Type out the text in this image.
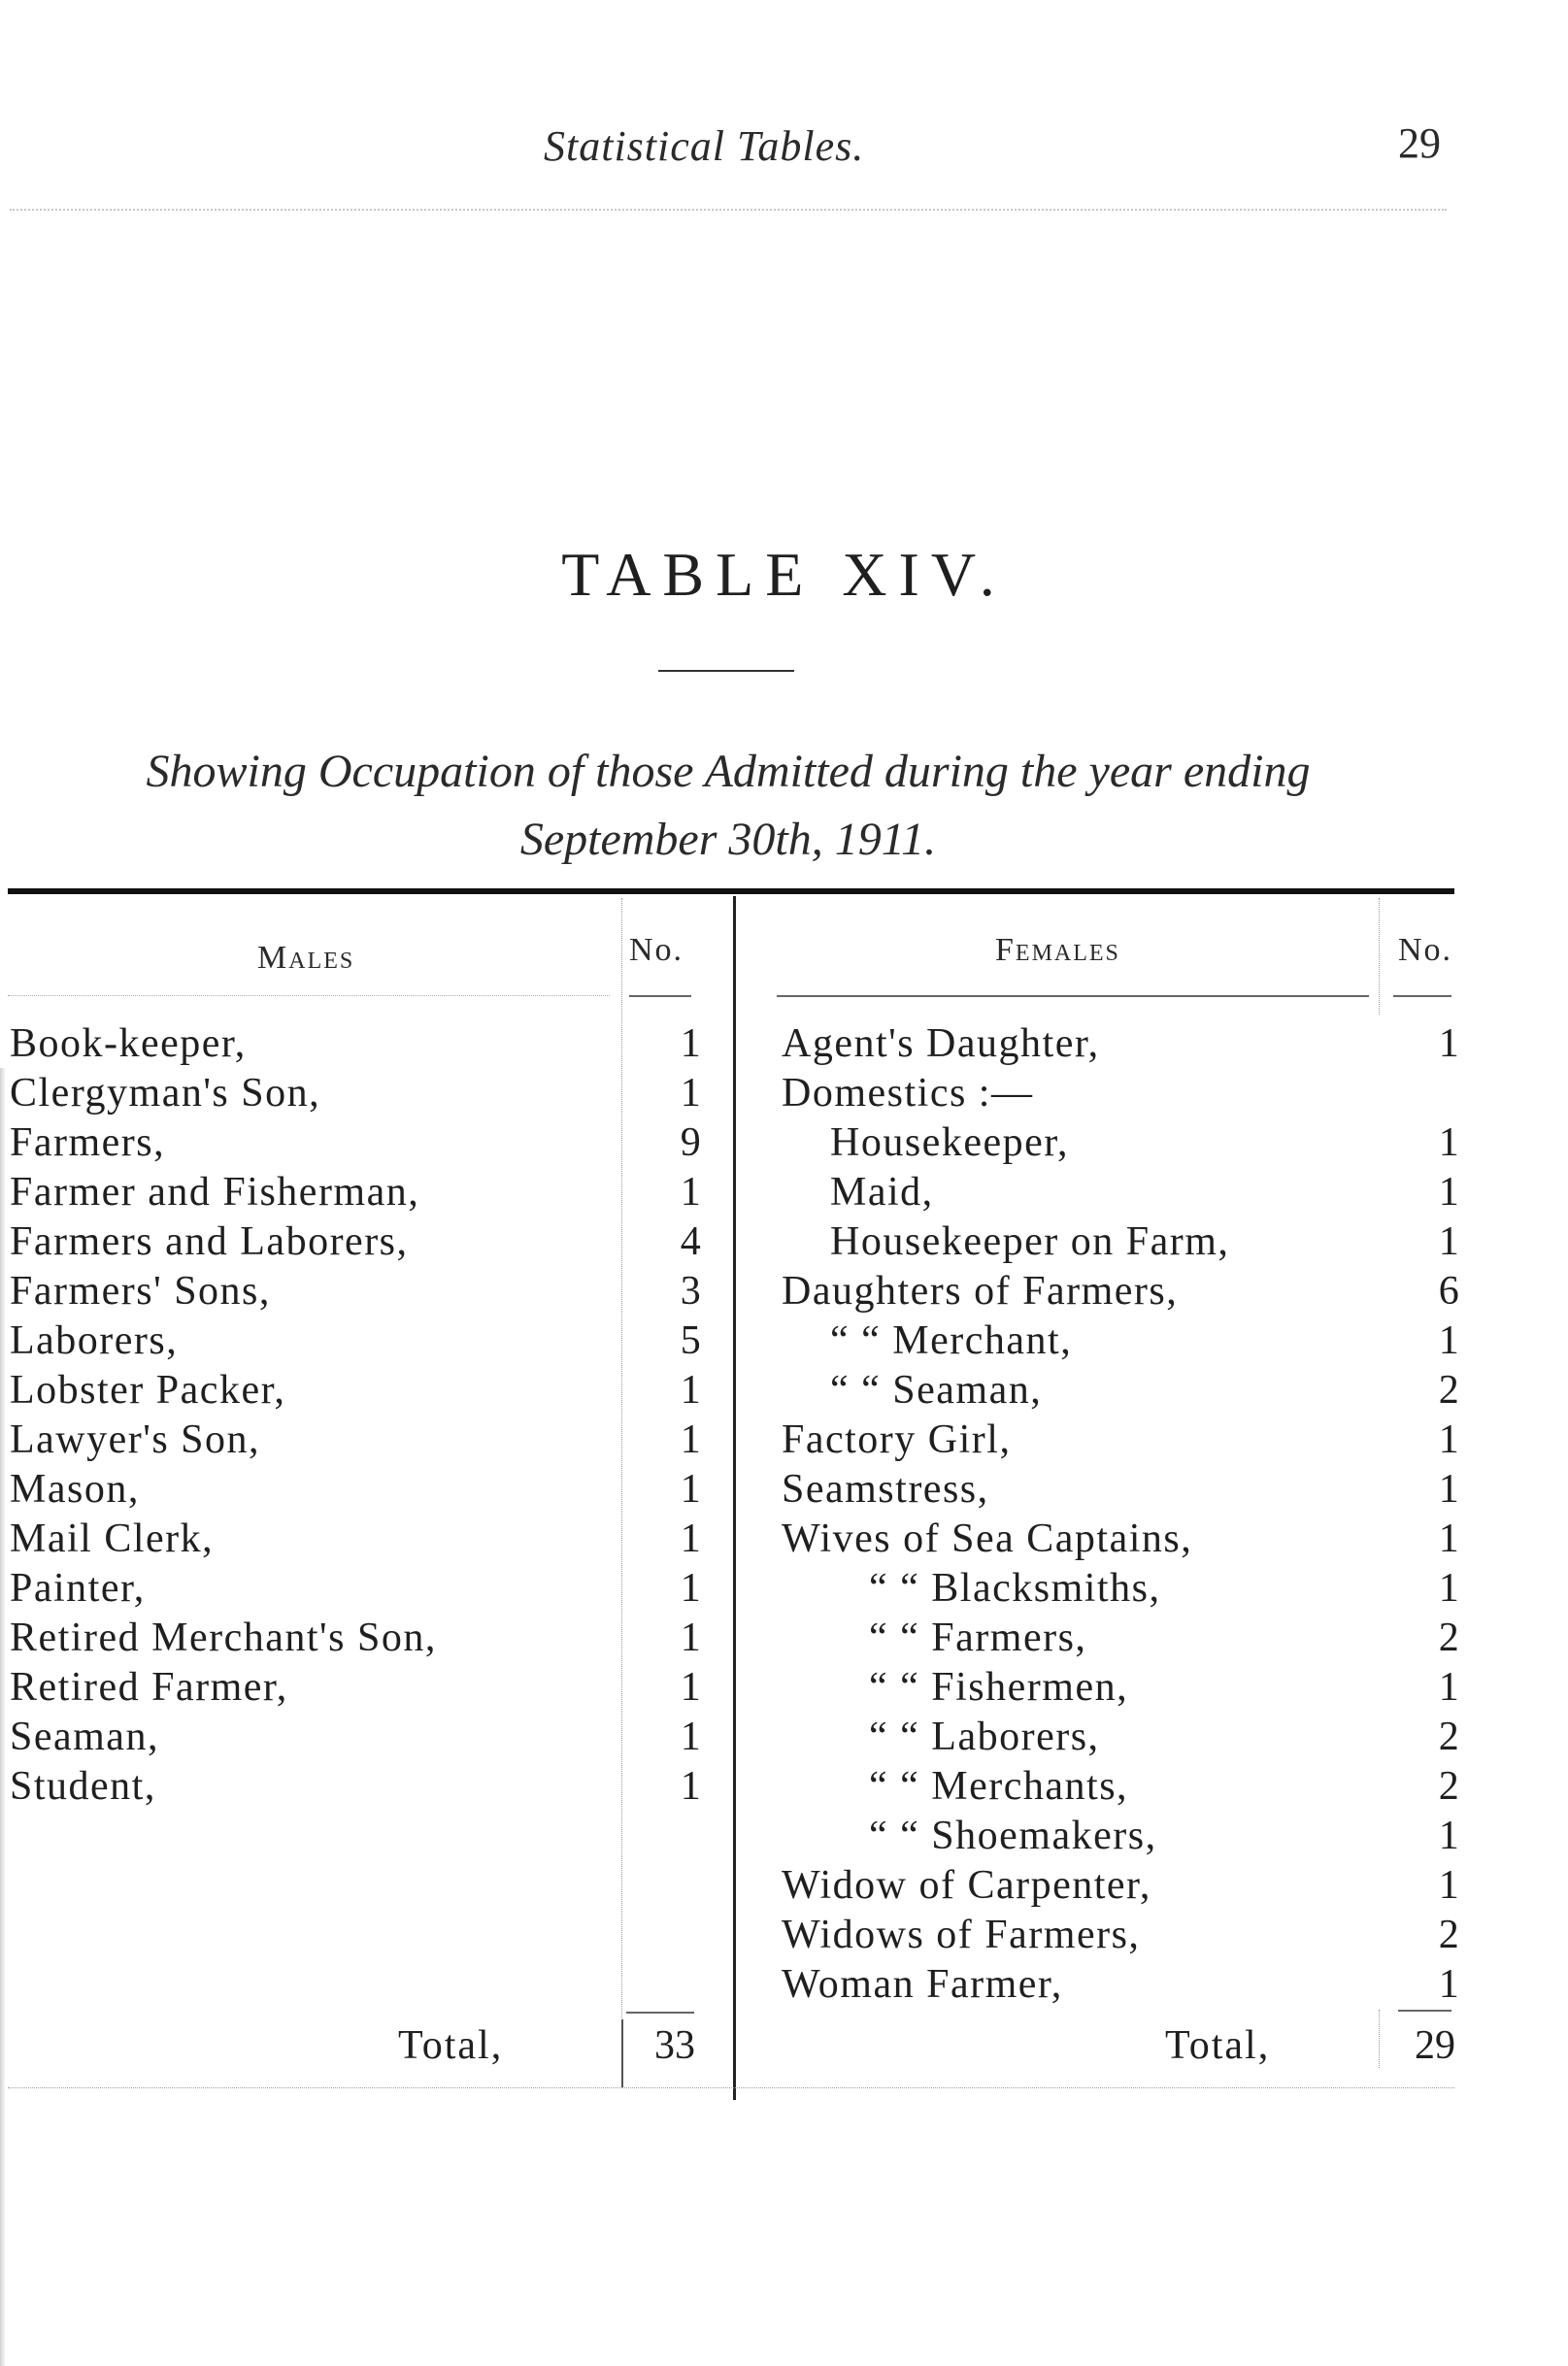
Statistical Tables.	29
TABLE XIV.
Showing Occupation of those Admitted during the year ending September 30th, 1911.
Males	No.	Females	No.
Book-keeper,	1
Clergyman's Son,	1
Farmers,	9
Farmer and Fisherman,	1
Farmers and Laborers,	4
Farmers' Sons,	3
Laborers,	5
Lobster Packer,	1
Lawyer's Son,	1
Mason,	1
Mail Clerk,	1
Painter,	1
Retired Merchant's Son,	1
Retired Farmer,	1
Seaman,	1
Student,	1
Agent's Daughter,	1
Domestics :—
Housekeeper,	1
Maid,	1
Housekeeper on Farm,	1
Daughters of Farmers,	6
“ “ Merchant,	1
“ “ Seaman,	2
Factory Girl,	1
Seamstress,	1
Wives of Sea Captains,	1
“ “ Blacksmiths,	1
“ “ Farmers,	2
“ “ Fishermen,	1
“ “ Laborers,	2
“ “ Merchants,	2
“ “ Shoemakers,	1
Widow of Carpenter,	1
Widows of Farmers,	2
Woman Farmer,	1
Total,	33	Total,	29
